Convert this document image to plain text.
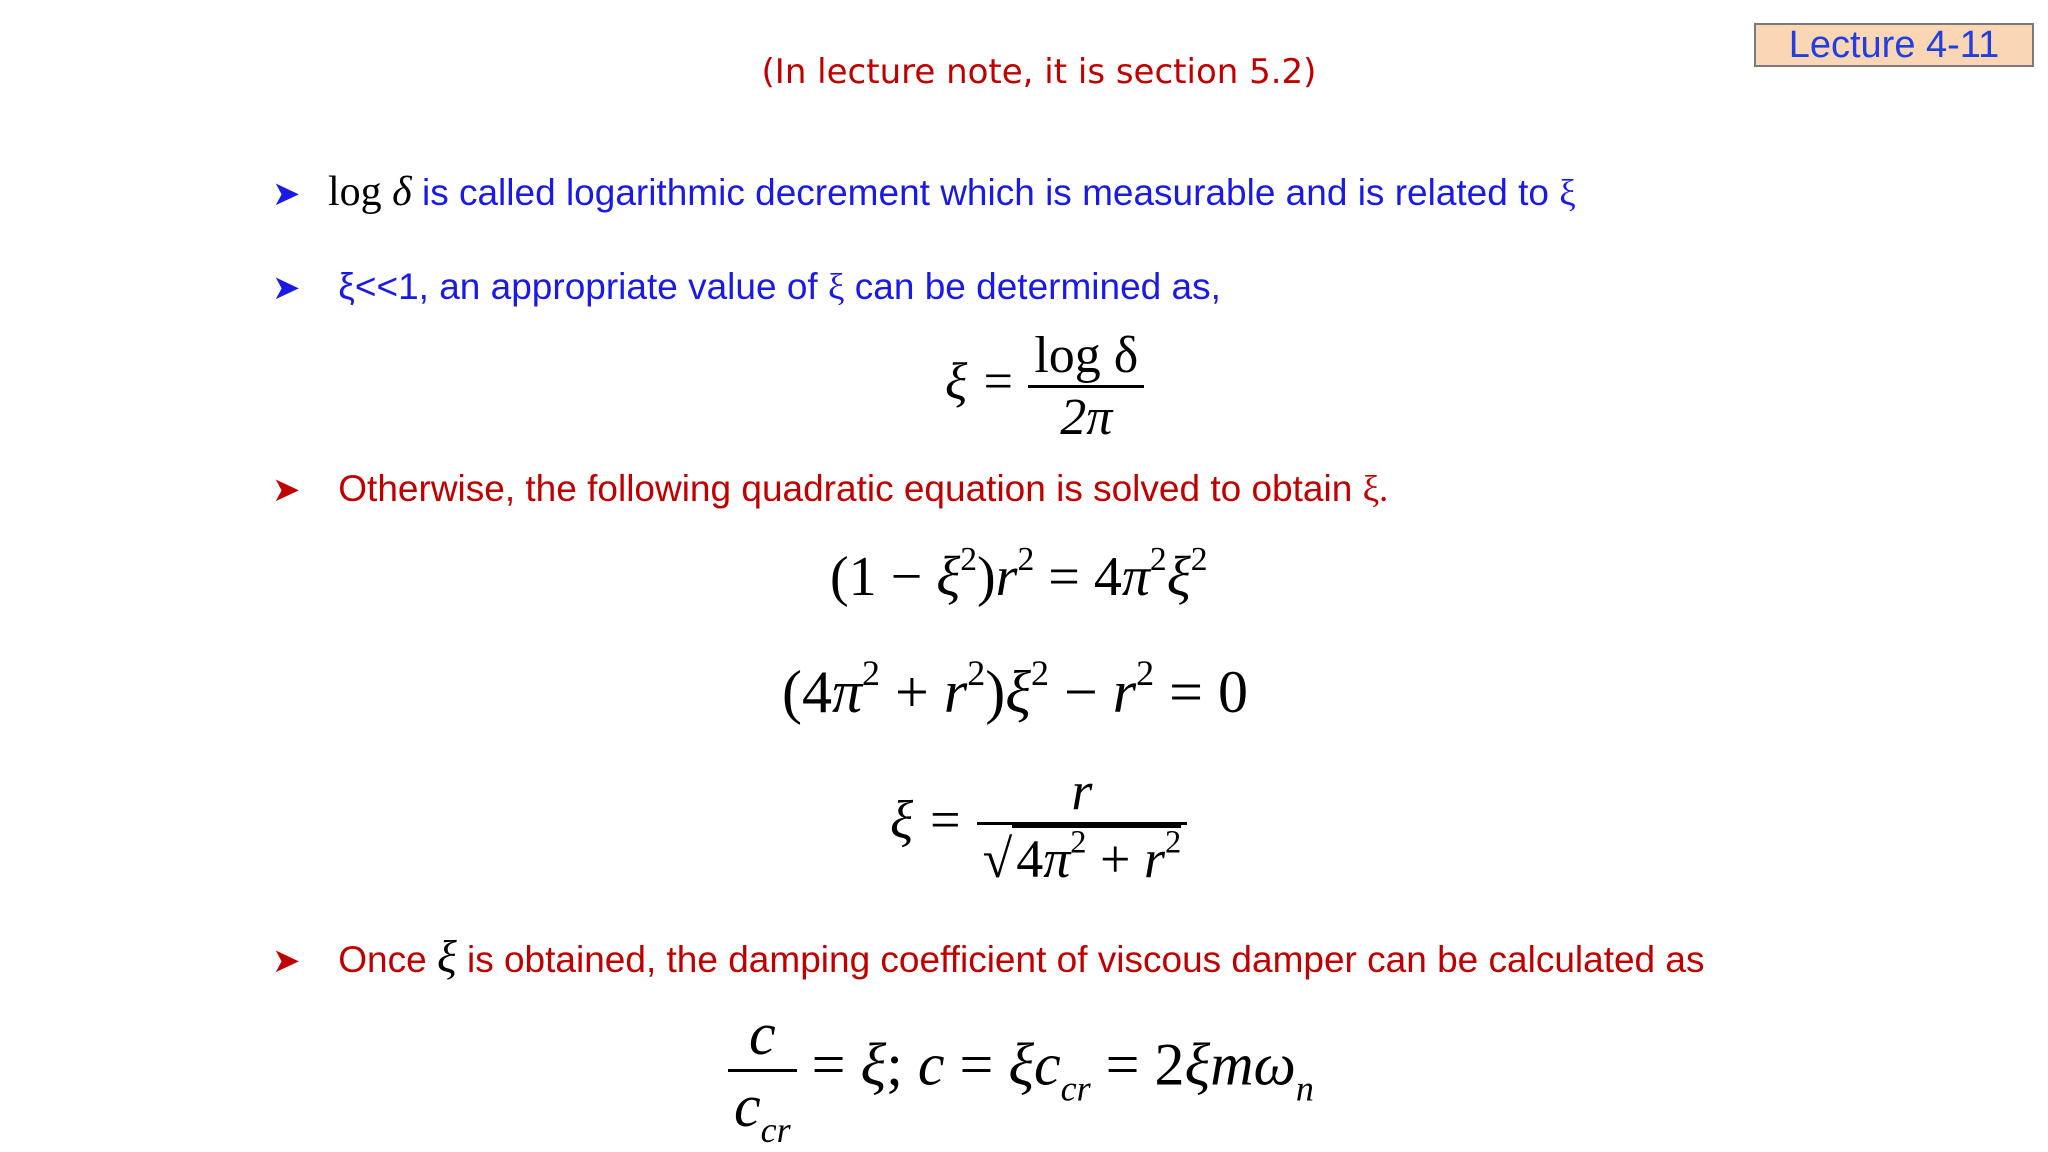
Lecture 4-11
(In lecture note, it is section 5.2)
➤ log δ is called logarithmic decrement which is measurable and is related to ξ
➤ ξ<<1, an appropriate value of ξ can be determined as,
$\xi = \frac{\text{log δ}}{2\pi}$
➤ Otherwise, the following quadratic equation is solved to obtain ξ.
$(1 - \xi^2)r^2 = 4\pi^2\xi^2$
$(4\pi^2 + r^2)\xi^2 - r^2 = 0$
$\xi = \frac{r}{√4\pi^2 + r^2}$
➤ Once ξ is obtained, the damping coefficient of viscous damper can be calculated as
$\frac{c}{c_{cr}} = \xi$; $c = \xi c_{cr} = 2\xi m\omega_n$
